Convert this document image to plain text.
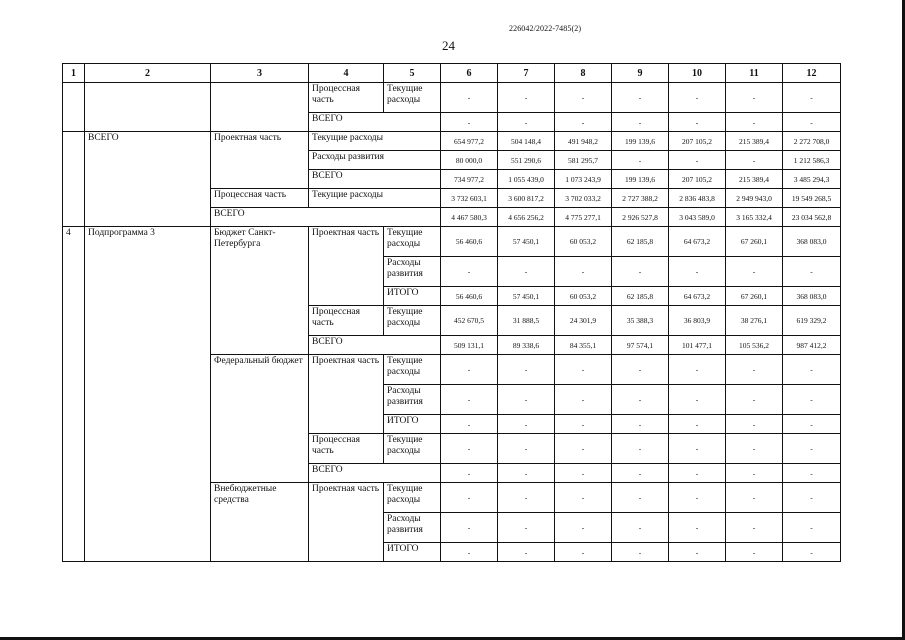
226042/2022-7485(2)
24
1	2	3	4	5	6	7	8	9	10	11	12
			Процессная часть	Текущие расходы	-	-	-	-	-	-	-
			ВСЕГО		-	-	-	-	-	-	-
	ВСЕГО	Проектная часть	Текущие расходы		654 977,2	504 148,4	491 948,2	199 139,6	207 105,2	215 389,4	2 272 708,0
			Расходы развития		80 000,0	551 290,6	581 295,7	-	-	-	1 212 586,3
			ВСЕГО		734 977,2	1 055 439,0	1 073 243,9	199 139,6	207 105,2	215 389,4	3 485 294,3
		Процессная часть	Текущие расходы		3 732 603,1	3 600 817,2	3 702 033,2	2 727 388,2	2 836 483,8	2 949 943,0	19 549 268,5
		ВСЕГО			4 467 580,3	4 656 256,2	4 775 277,1	2 926 527,8	3 043 589,0	3 165 332,4	23 034 562,8
4	Подпрограмма 3	Бюджет Санкт-Петербурга	Проектная часть	Текущие расходы	56 460,6	57 450,1	60 053,2	62 185,8	64 673,2	67 260,1	368 083,0
				Расходы развития	-	-	-	-	-	-	-
				ИТОГО	56 460,6	57 450,1	60 053,2	62 185,8	64 673,2	67 260,1	368 083,0
			Процессная часть	Текущие расходы	452 670,5	31 888,5	24 301,9	35 388,3	36 803,9	38 276,1	619 329,2
			ВСЕГО		509 131,1	89 338,6	84 355,1	97 574,1	101 477,1	105 536,2	987 412,2
		Федеральный бюджет	Проектная часть	Текущие расходы	-	-	-	-	-	-	-
				Расходы развития	-	-	-	-	-	-	-
				ИТОГО	-	-	-	-	-	-	-
			Процессная часть	Текущие расходы	-	-	-	-	-	-	-
			ВСЕГО		-	-	-	-	-	-	-
		Внебюджетные средства	Проектная часть	Текущие расходы	-	-	-	-	-	-	-
				Расходы развития	-	-	-	-	-	-	-
				ИТОГО	-	-	-	-	-	-	-
